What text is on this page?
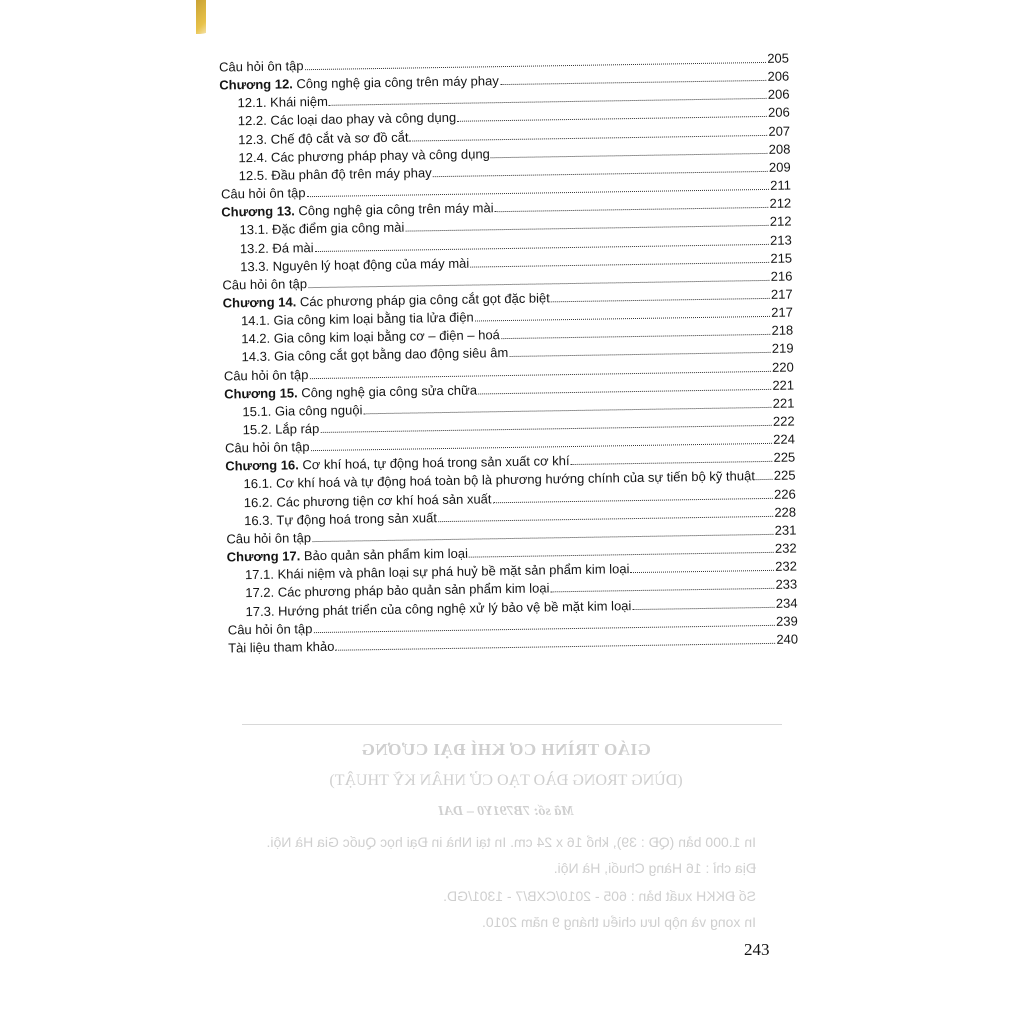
Câu hỏi ôn tập	205
Chương 12. Công nghệ gia công trên máy phay	206
12.1. Khái niệm	206
12.2. Các loại dao phay và công dụng	206
12.3. Chế độ cắt và sơ đồ cắt	207
12.4. Các phương pháp phay và công dụng	208
12.5. Đầu phân độ trên máy phay	209
Câu hỏi ôn tập	211
Chương 13. Công nghệ gia công trên máy mài	212
13.1. Đặc điểm gia công mài	212
13.2. Đá mài	213
13.3. Nguyên lý hoạt động của máy mài	215
Câu hỏi ôn tập	216
Chương 14. Các phương pháp gia công cắt gọt đặc biệt	217
14.1. Gia công kim loại bằng tia lửa điện	217
14.2. Gia công kim loại bằng cơ – điện – hoá	218
14.3. Gia công cắt gọt bằng dao động siêu âm	219
Câu hỏi ôn tập	220
Chương 15. Công nghệ gia công sửa chữa	221
15.1. Gia công nguội	221
15.2. Lắp ráp	222
Câu hỏi ôn tập	224
Chương 16. Cơ khí hoá, tự động hoá trong sản xuất cơ khí	225
16.1. Cơ khí hoá và tự động hoá toàn bộ là phương hướng chính của sự tiến bộ kỹ thuật 225
16.2. Các phương tiện cơ khí hoá sản xuất	226
16.3. Tự động hoá trong sản xuất	228
Câu hỏi ôn tập	231
Chương 17. Bảo quản sản phẩm kim loại	232
17.1. Khái niệm và phân loại sự phá huỷ bề mặt sản phẩm kim loại	232
17.2. Các phương pháp bảo quản sản phẩm kim loại	233
17.3. Hướng phát triển của công nghệ xử lý bảo vệ bề mặt kim loại	234
Câu hỏi ôn tập	239
Tài liệu tham khảo	240
GIÁO TRÌNH CƠ KHÍ ĐẠI CƯƠNG
(DÙNG TRONG ĐÀO TẠO CỬ NHÂN KỸ THUẬT)
Mã số: 7B791Y0 – DAI
In 1.000 bản (QĐ : 39), khổ 16 x 24 cm. In tại Nhà in Đại học Quốc Gia Hà Nội.
Địa chỉ : 16 Hàng Chuối, Hà Nội.
Số ĐKKH xuất bản : 605 - 2010/CXB/7 - 1301/GD.
In xong và nộp lưu chiểu tháng 9 năm 2010.
243
